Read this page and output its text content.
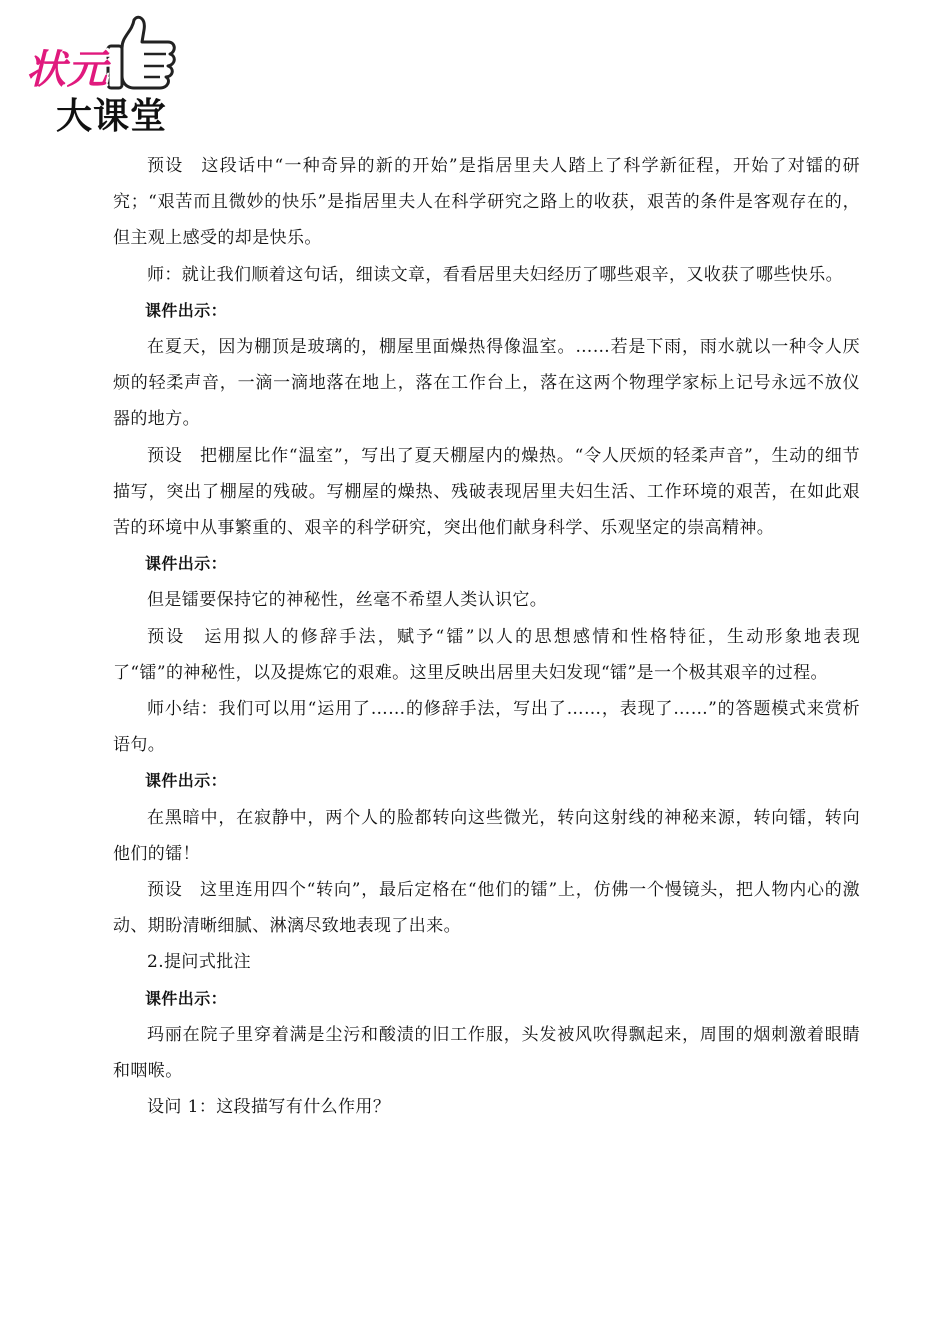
状元
大课堂

预设 这段话中“一种奇异的新的开始”是指居里夫人踏上了科学新征程，开始了对镭的研究；“艰苦而且微妙的快乐”是指居里夫人在科学研究之路上的收获，艰苦的条件是客观存在的，但主观上感受的却是快乐。

师：就让我们顺着这句话，细读文章，看看居里夫妇经历了哪些艰辛，又收获了哪些快乐。

课件出示：

在夏天，因为棚顶是玻璃的，棚屋里面燥热得像温室。……若是下雨，雨水就以一种令人厌烦的轻柔声音，一滴一滴地落在地上，落在工作台上，落在这两个物理学家标上记号永远不放仪器的地方。

预设 把棚屋比作“温室”，写出了夏天棚屋内的燥热。“令人厌烦的轻柔声音”，生动的细节描写，突出了棚屋的残破。写棚屋的燥热、残破表现居里夫妇生活、工作环境的艰苦，在如此艰苦的环境中从事繁重的、艰辛的科学研究，突出他们献身科学、乐观坚定的崇高精神。

课件出示：

但是镭要保持它的神秘性，丝毫不希望人类认识它。

预设 运用拟人的修辞手法，赋予“镭”以人的思想感情和性格特征，生动形象地表现了“镭”的神秘性，以及提炼它的艰难。这里反映出居里夫妇发现“镭”是一个极其艰辛的过程。

师小结：我们可以用“运用了……的修辞手法，写出了……，表现了……”的答题模式来赏析语句。

课件出示：

在黑暗中，在寂静中，两个人的脸都转向这些微光，转向这射线的神秘来源，转向镭，转向他们的镭！

预设 这里连用四个“转向”，最后定格在“他们的镭”上，仿佛一个慢镜头，把人物内心的激动、期盼清晰细腻、淋漓尽致地表现了出来。

2.提问式批注

课件出示：

玛丽在院子里穿着满是尘污和酸渍的旧工作服，头发被风吹得飘起来，周围的烟刺激着眼睛和咽喉。

设问 1：这段描写有什么作用？
